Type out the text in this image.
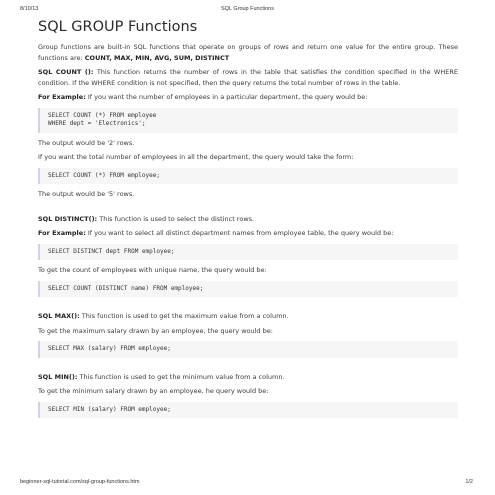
8/10/13	SQL Group Functions
SQL GROUP Functions

Group functions are built-in SQL functions that operate on groups of rows and return one value for the entire group. These functions are: COUNT, MAX, MIN, AVG, SUM, DISTINCT

SQL COUNT (): This function returns the number of rows in the table that satisfies the condition specified in the WHERE condition. If the WHERE condition is not specified, then the query returns the total number of rows in the table.

For Example: If you want the number of employees in a particular department, the query would be:

SELECT COUNT (*) FROM employee
WHERE dept = 'Electronics';

The output would be '2' rows.

If you want the total number of employees in all the department, the query would take the form:

SELECT COUNT (*) FROM employee;

The output would be '5' rows.

SQL DISTINCT(): This function is used to select the distinct rows.

For Example: If you want to select all distinct department names from employee table, the query would be:

SELECT DISTINCT dept FROM employee;

To get the count of employees with unique name, the query would be:

SELECT COUNT (DISTINCT name) FROM employee;

SQL MAX(): This function is used to get the maximum value from a column.

To get the maximum salary drawn by an employee, the query would be:

SELECT MAX (salary) FROM employee;

SQL MIN(): This function is used to get the minimum value from a column.

To get the minimum salary drawn by an employee, he query would be:

SELECT MIN (salary) FROM employee;
beginner-sql-tutorial.com/sql-group-functions.htm	1/2
